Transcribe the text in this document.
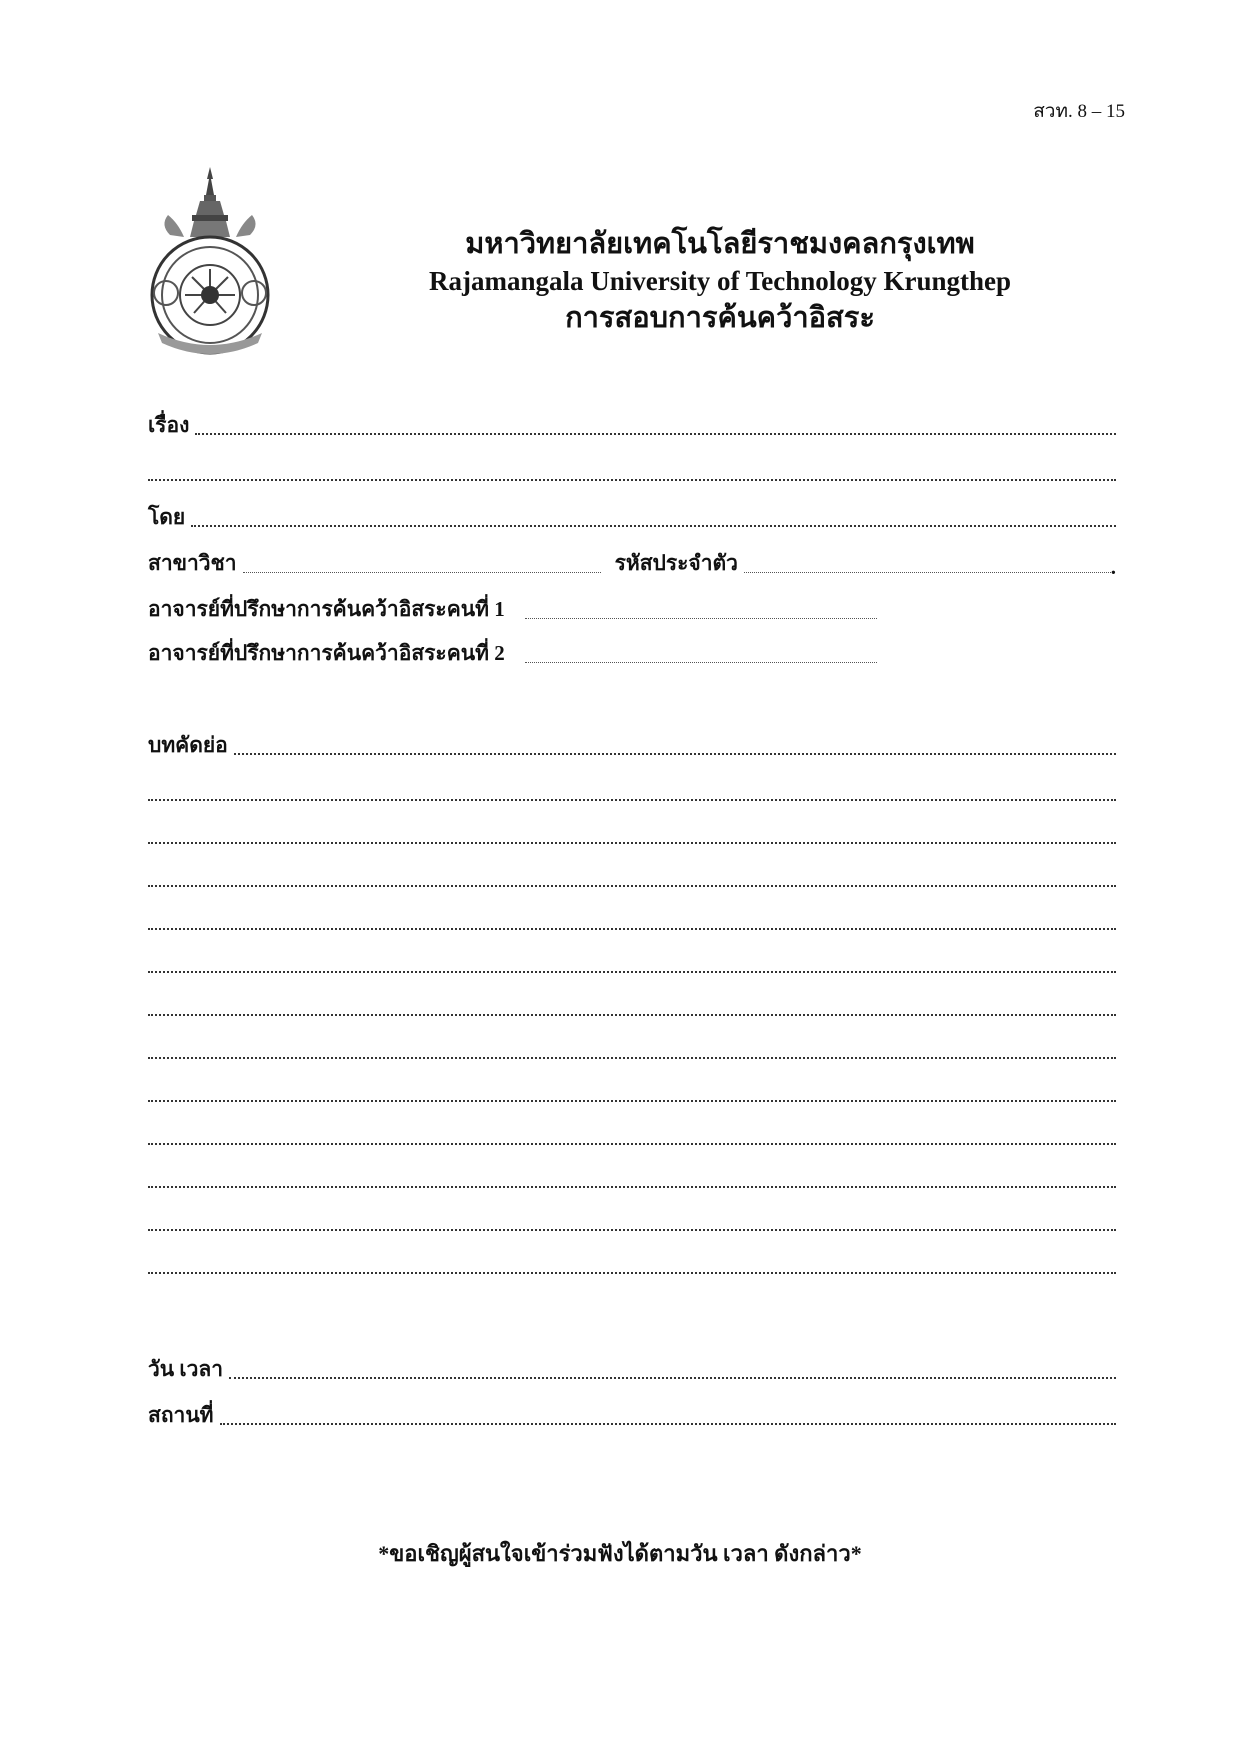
สวท. 8 – 15
มหาวิทยาลัยเทคโนโลยีราชมงคลกรุงเทพ
Rajamangala University of Technology Krungthep
การสอบการค้นคว้าอิสระ
เรื่อง
โดย
สาขาวิชา	รหัสประจำตัว	.
อาจารย์ที่ปรึกษาการค้นคว้าอิสระคนที่ 1
อาจารย์ที่ปรึกษาการค้นคว้าอิสระคนที่ 2
บทคัดย่อ
วัน เวลา
สถานที่
*ขอเชิญผู้สนใจเข้าร่วมฟังได้ตามวัน เวลา ดังกล่าว*
